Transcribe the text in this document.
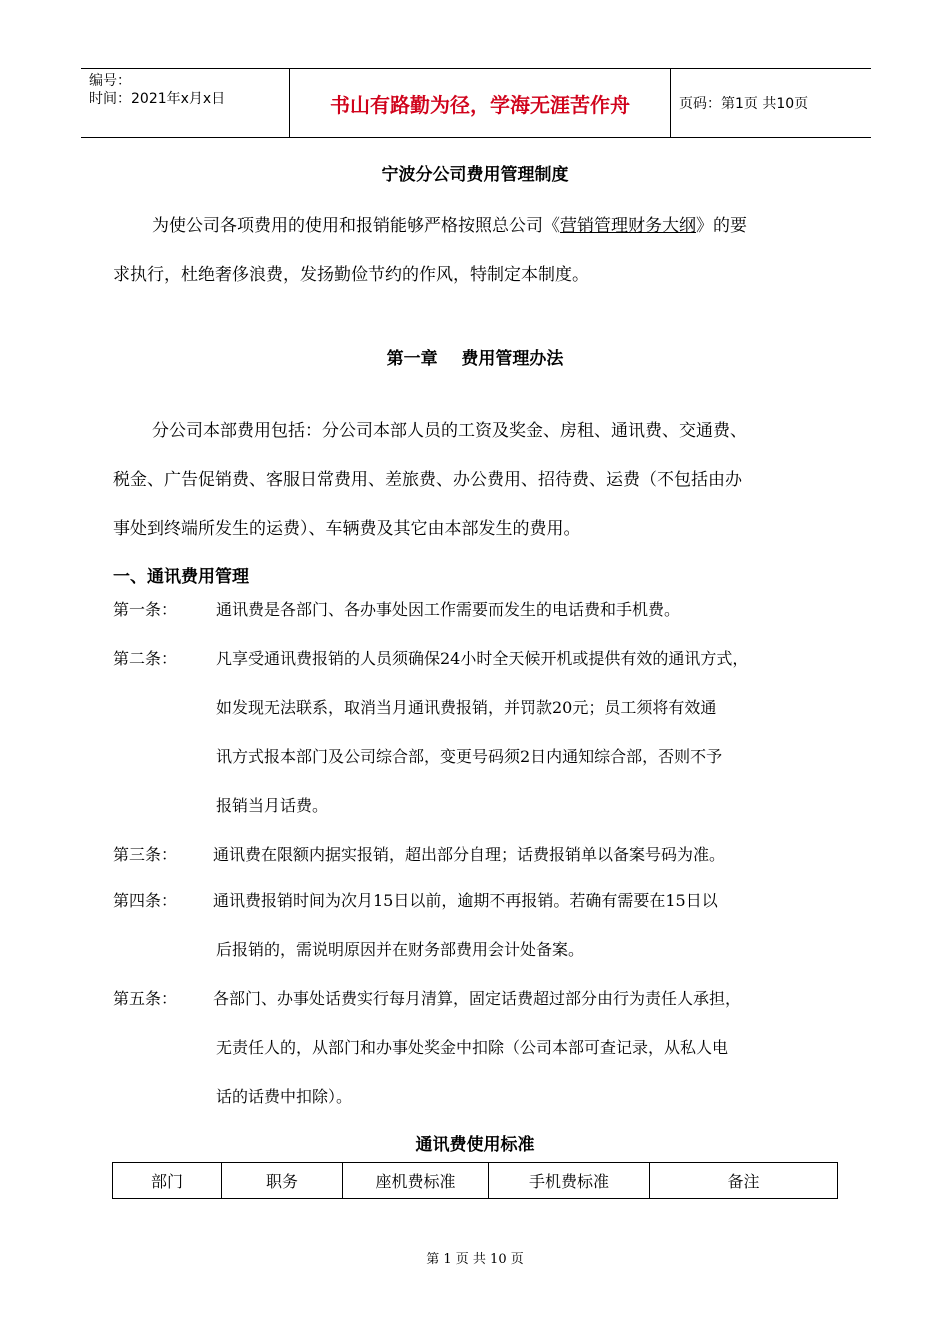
编号：
时间：2021年x月x日	书山有路勤为径，学海无涯苦作舟	页码：第1页 共10页
宁波分公司费用管理制度
为使公司各项费用的使用和报销能够严格按照总公司《营销管理财务大纲》的要
求执行，杜绝奢侈浪费，发扬勤俭节约的作风，特制定本制度。
第一章    费用管理办法
分公司本部费用包括：分公司本部人员的工资及奖金、房租、通讯费、交通费、
税金、广告促销费、客服日常费用、差旅费、办公费用、招待费、运费（不包括由办
事处到终端所发生的运费）、车辆费及其它由本部发生的费用。
一、通讯费用管理
第一条： 通讯费是各部门、各办事处因工作需要而发生的电话费和手机费。
第二条： 凡享受通讯费报销的人员须确保24小时全天候开机或提供有效的通讯方式，
如发现无法联系，取消当月通讯费报销，并罚款20元；员工须将有效通
讯方式报本部门及公司综合部，变更号码须2日内通知综合部，否则不予
报销当月话费。
第三条： 通讯费在限额内据实报销，超出部分自理；话费报销单以备案号码为准。
第四条： 通讯费报销时间为次月15日以前，逾期不再报销。若确有需要在15日以
后报销的，需说明原因并在财务部费用会计处备案。
第五条： 各部门、办事处话费实行每月清算，固定话费超过部分由行为责任人承担，
无责任人的，从部门和办事处奖金中扣除（公司本部可查记录，从私人电
话的话费中扣除）。
通讯费使用标准
部门	职务	座机费标准	手机费标准	备注
第 1 页 共 10 页
